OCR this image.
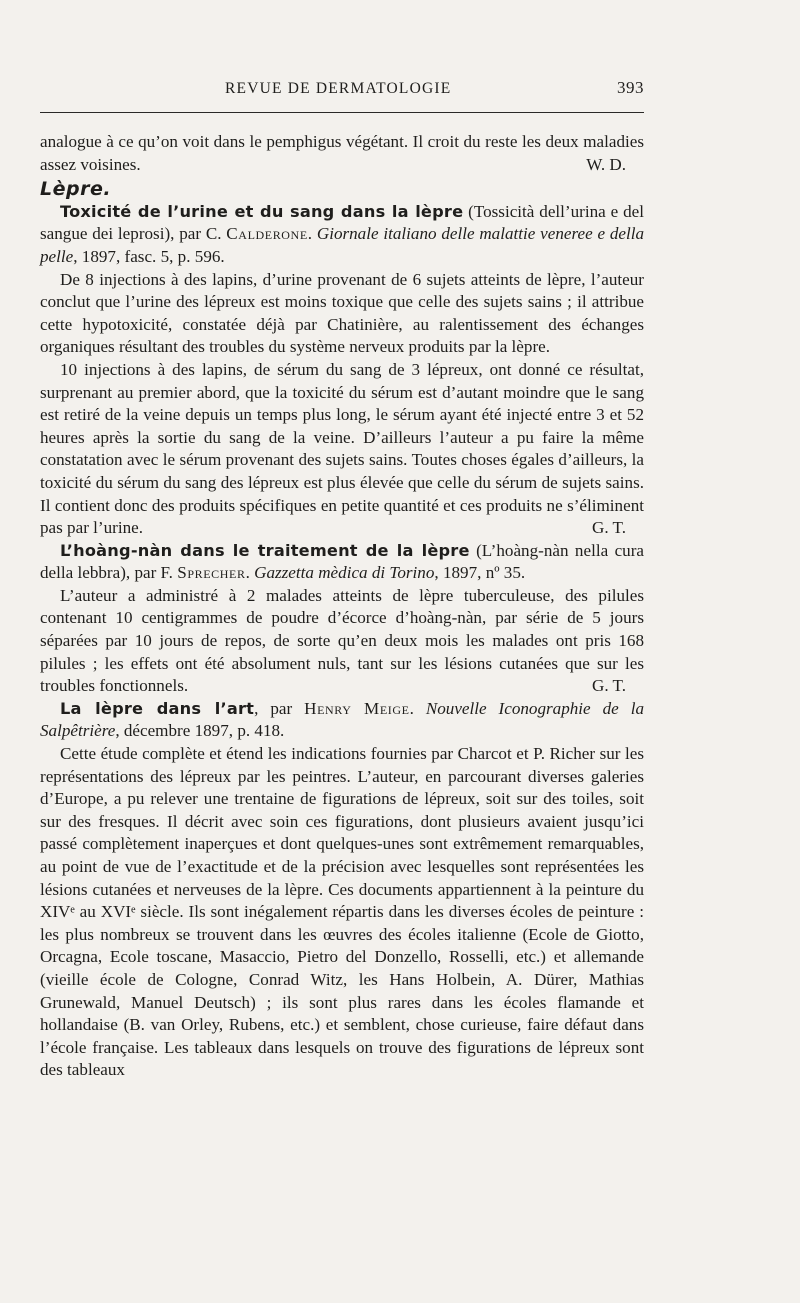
REVUE DE DERMATOLOGIE	393

analogue à ce qu’on voit dans le pemphigus végétant. Il croit du reste les deux maladies assez voisines.	W. D.

Lèpre.

Toxicité de l’urine et du sang dans la lèpre (Tossicità dell’urina e del sangue dei leprosi), par C. Calderone. Giornale italiano delle malattie veneree e della pelle, 1897, fasc. 5, p. 596.

De 8 injections à des lapins, d’urine provenant de 6 sujets atteints de lèpre, l’auteur conclut que l’urine des lépreux est moins toxique que celle des sujets sains ; il attribue cette hypotoxicité, constatée déjà par Chatinière, au ralentissement des échanges organiques résultant des troubles du système nerveux produits par la lèpre.

10 injections à des lapins, de sérum du sang de 3 lépreux, ont donné ce résultat, surprenant au premier abord, que la toxicité du sérum est d’autant moindre que le sang est retiré de la veine depuis un temps plus long, le sérum ayant été injecté entre 3 et 52 heures après la sortie du sang de la veine. D’ailleurs l’auteur a pu faire la même constatation avec le sérum provenant des sujets sains. Toutes choses égales d’ailleurs, la toxicité du sérum du sang des lépreux est plus élevée que celle du sérum de sujets sains. Il contient donc des produits spécifiques en petite quantité et ces produits ne s’éliminent pas par l’urine.	G. T.

L’hoàng-nàn dans le traitement de la lèpre (L’hoàng-nàn nella cura della lebbra), par F. Sprecher. Gazzetta mèdica di Torino, 1897, nº 35.

L’auteur a administré à 2 malades atteints de lèpre tuberculeuse, des pilules contenant 10 centigrammes de poudre d’écorce d’hoàng-nàn, par série de 5 jours séparées par 10 jours de repos, de sorte qu’en deux mois les malades ont pris 168 pilules ; les effets ont été absolument nuls, tant sur les lésions cutanées que sur les troubles fonctionnels.	G. T.

La lèpre dans l’art, par Henry Meige. Nouvelle Iconographie de la Salpêtrière, décembre 1897, p. 418.

Cette étude complète et étend les indications fournies par Charcot et P. Richer sur les représentations des lépreux par les peintres. L’auteur, en parcourant diverses galeries d’Europe, a pu relever une trentaine de figurations de lépreux, soit sur des toiles, soit sur des fresques. Il décrit avec soin ces figurations, dont plusieurs avaient jusqu’ici passé complètement inaperçues et dont quelques-unes sont extrêmement remarquables, au point de vue de l’exactitude et de la précision avec lesquelles sont représentées les lésions cutanées et nerveuses de la lèpre. Ces documents appartiennent à la peinture du XIVᵉ au XVIᵉ siècle. Ils sont inégalement répartis dans les diverses écoles de peinture : les plus nombreux se trouvent dans les œuvres des écoles italienne (Ecole de Giotto, Orcagna, Ecole toscane, Masaccio, Pietro del Donzello, Rosselli, etc.) et allemande (vieille école de Cologne, Conrad Witz, les Hans Holbein, A. Dürer, Mathias Grunewald, Manuel Deutsch) ; ils sont plus rares dans les écoles flamande et hollandaise (B. van Orley, Rubens, etc.) et semblent, chose curieuse, faire défaut dans l’école française. Les tableaux dans lesquels on trouve des figurations de lépreux sont des tableaux
